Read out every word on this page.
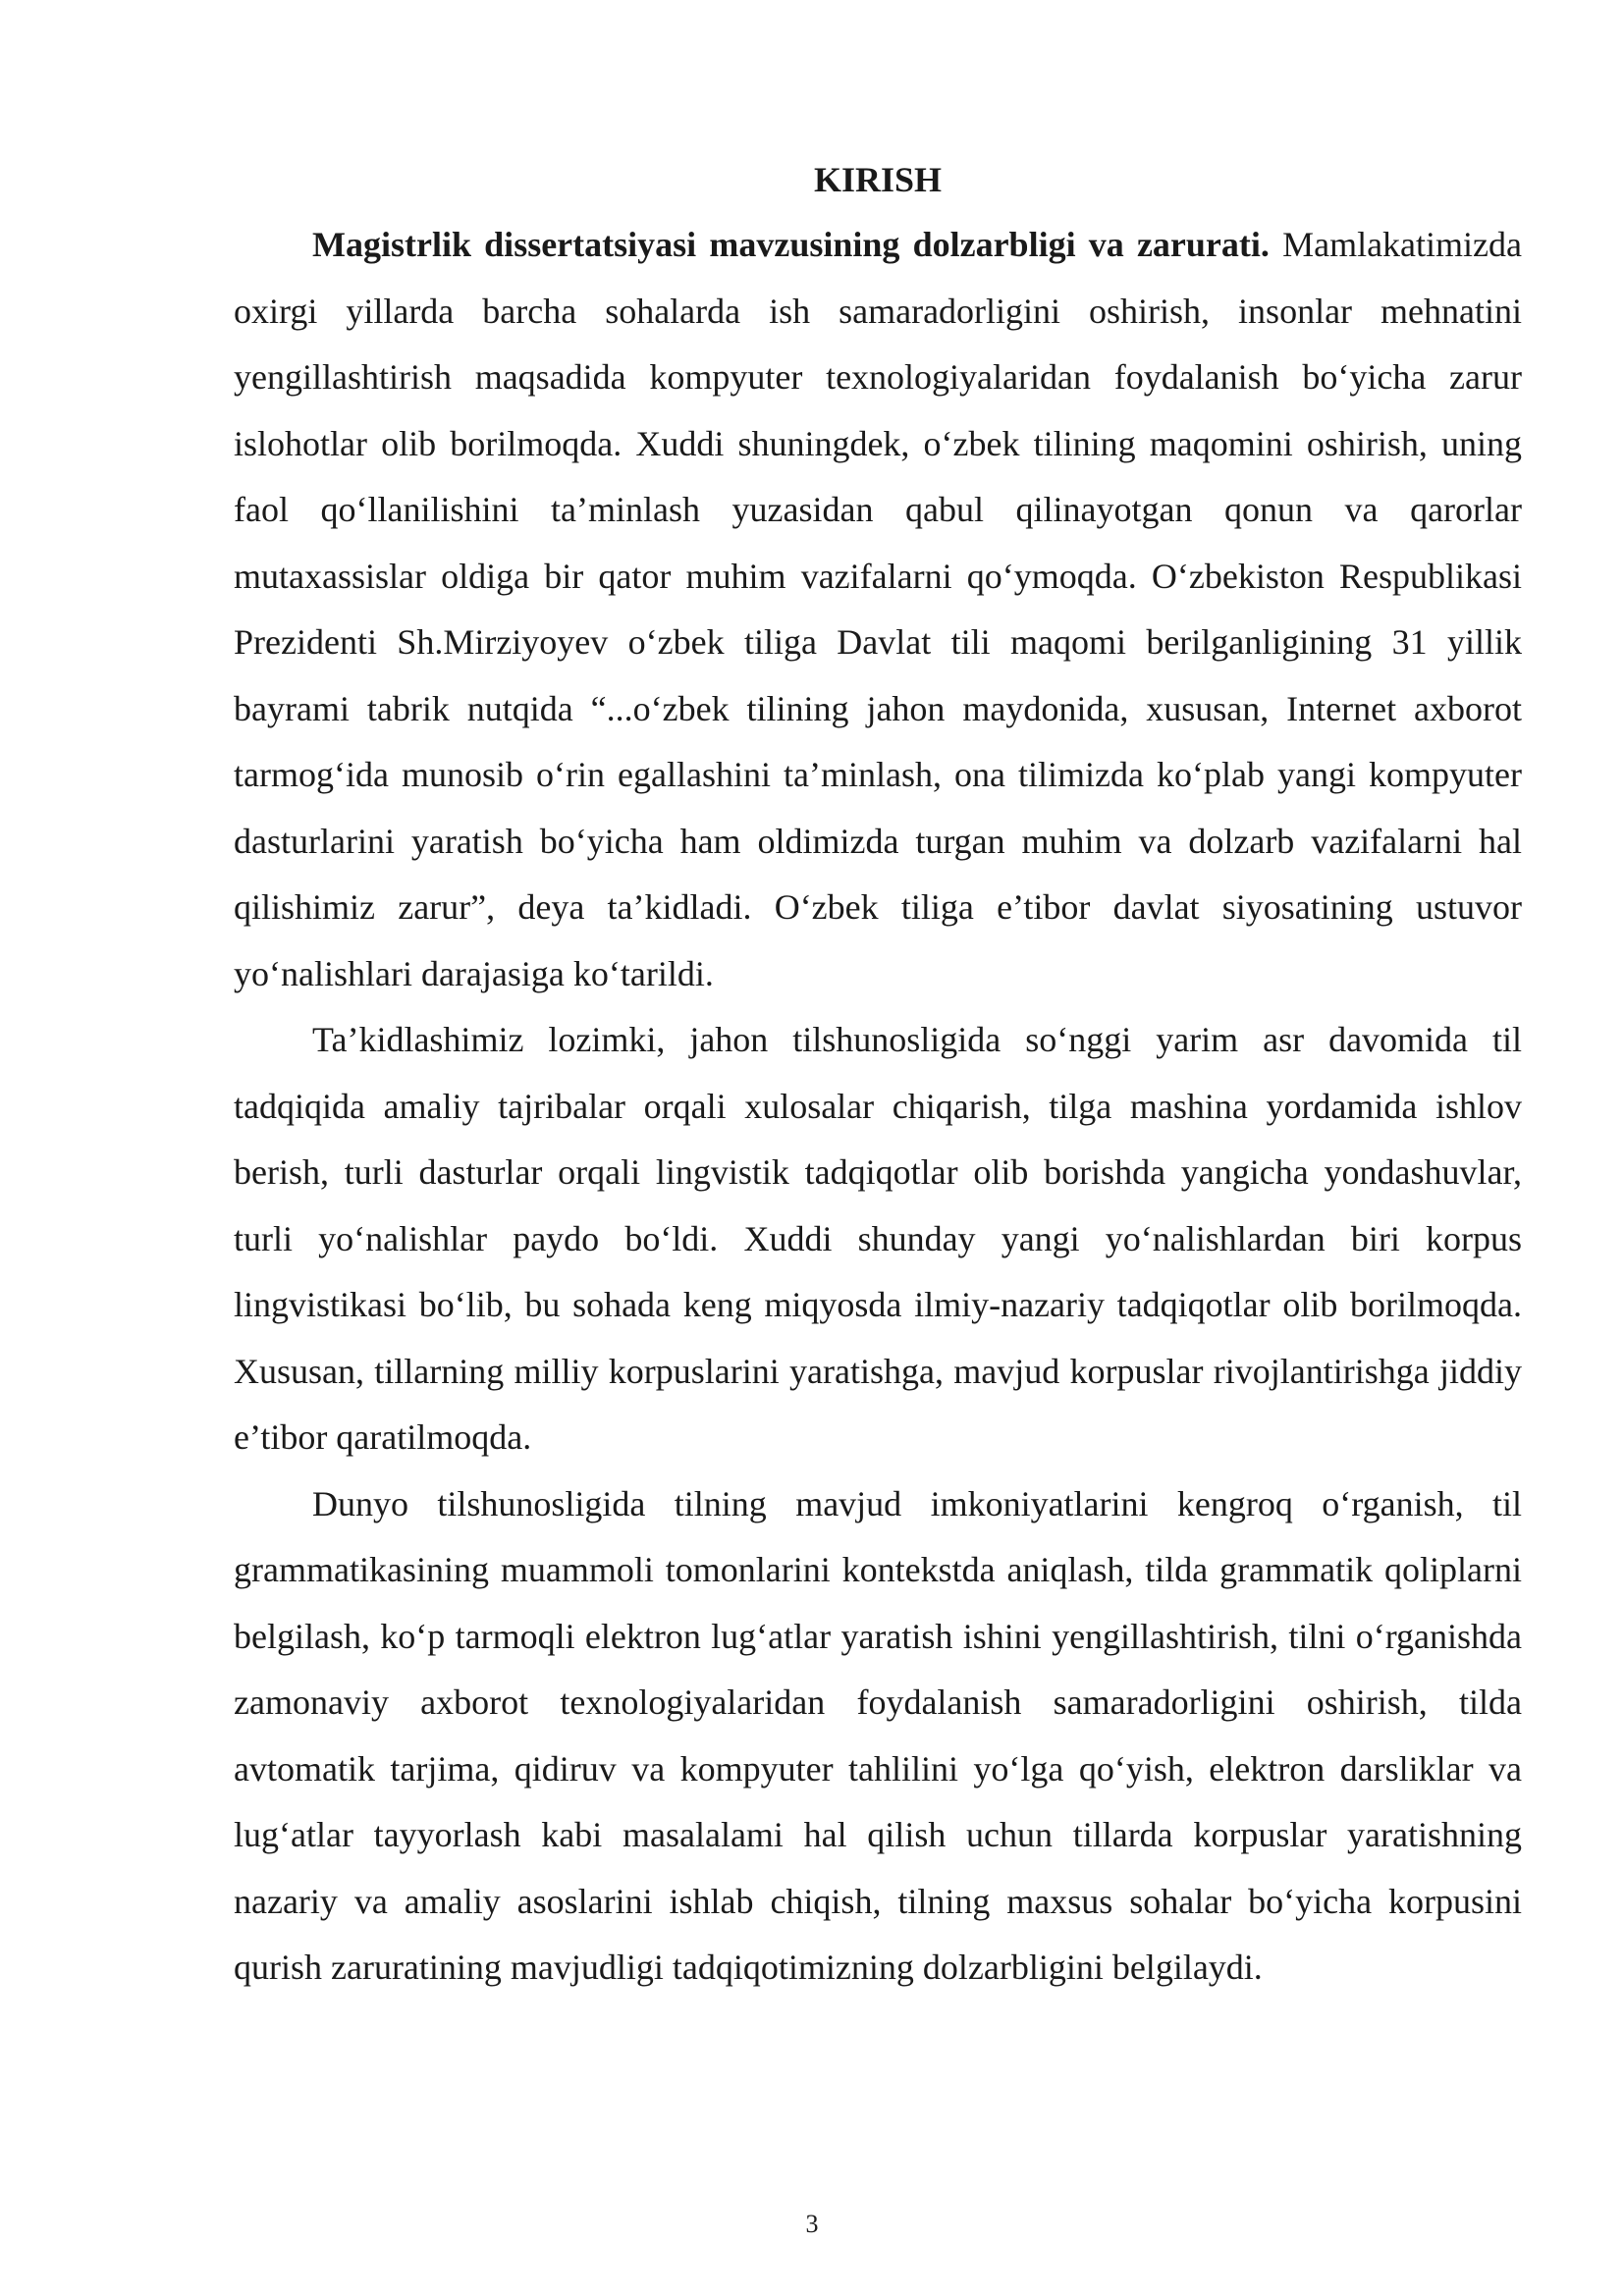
KIRISH

Magistrlik dissertatsiyasi mavzusining dolzarbligi va zarurati. Mamlakatimizda oxirgi yillarda barcha sohalarda ish samaradorligini oshirish, insonlar mehnatini yengillashtirish maqsadida kompyuter texnologiyalaridan foydalanish bo‘yicha zarur islohotlar olib borilmoqda. Xuddi shuningdek, o‘zbek tilining maqomini oshirish, uning faol qo‘llanilishini ta’minlash yuzasidan qabul qilinayotgan qonun va qarorlar mutaxassislar oldiga bir qator muhim vazifalarni qo‘ymoqda. O‘zbekiston Respublikasi Prezidenti Sh.Mirziyoyev o‘zbek tiliga Davlat tili maqomi berilganligining 31 yillik bayrami tabrik nutqida “...o‘zbek tilining jahon maydonida, xususan, Internet axborot tarmog‘ida munosib o‘rin egallashini ta’minlash, ona tilimizda ko‘plab yangi kompyuter dasturlarini yaratish bo‘yicha ham oldimizda turgan muhim va dolzarb vazifalarni hal qilishimiz zarur”, deya ta’kidladi. O‘zbek tiliga e’tibor davlat siyosatining ustuvor yo‘nalishlari darajasiga ko‘tarildi.

Ta’kidlashimiz lozimki, jahon tilshunosligida so‘nggi yarim asr davomida til tadqiqida amaliy tajribalar orqali xulosalar chiqarish, tilga mashina yordamida ishlov berish, turli dasturlar orqali lingvistik tadqiqotlar olib borishda yangicha yondashuvlar, turli yo‘nalishlar paydo bo‘ldi. Xuddi shunday yangi yo‘nalishlardan biri korpus lingvistikasi bo‘lib, bu sohada keng miqyosda ilmiy-nazariy tadqiqotlar olib borilmoqda. Xususan, tillarning milliy korpuslarini yaratishga, mavjud korpuslar rivojlantirishga jiddiy e’tibor qaratilmoqda.

Dunyo tilshunosligida tilning mavjud imkoniyatlarini kengroq o‘rganish, til grammatikasining muammoli tomonlarini kontekstda aniqlash, tilda grammatik qoliplarni belgilash, ko‘p tarmoqli elektron lug‘atlar yaratish ishini yengillashtirish, tilni o‘rganishda zamonaviy axborot texnologiyalaridan foydalanish samaradorligini oshirish, tilda avtomatik tarjima, qidiruv va kompyuter tahlilini yo‘lga qo‘yish, elektron darsliklar va lug‘atlar tayyorlash kabi masalalami hal qilish uchun tillarda korpuslar yaratishning nazariy va amaliy asoslarini ishlab chiqish, tilning maxsus sohalar bo‘yicha korpusini qurish zaruratining mavjudligi tadqiqotimizning dolzarbligini belgilaydi.

3
